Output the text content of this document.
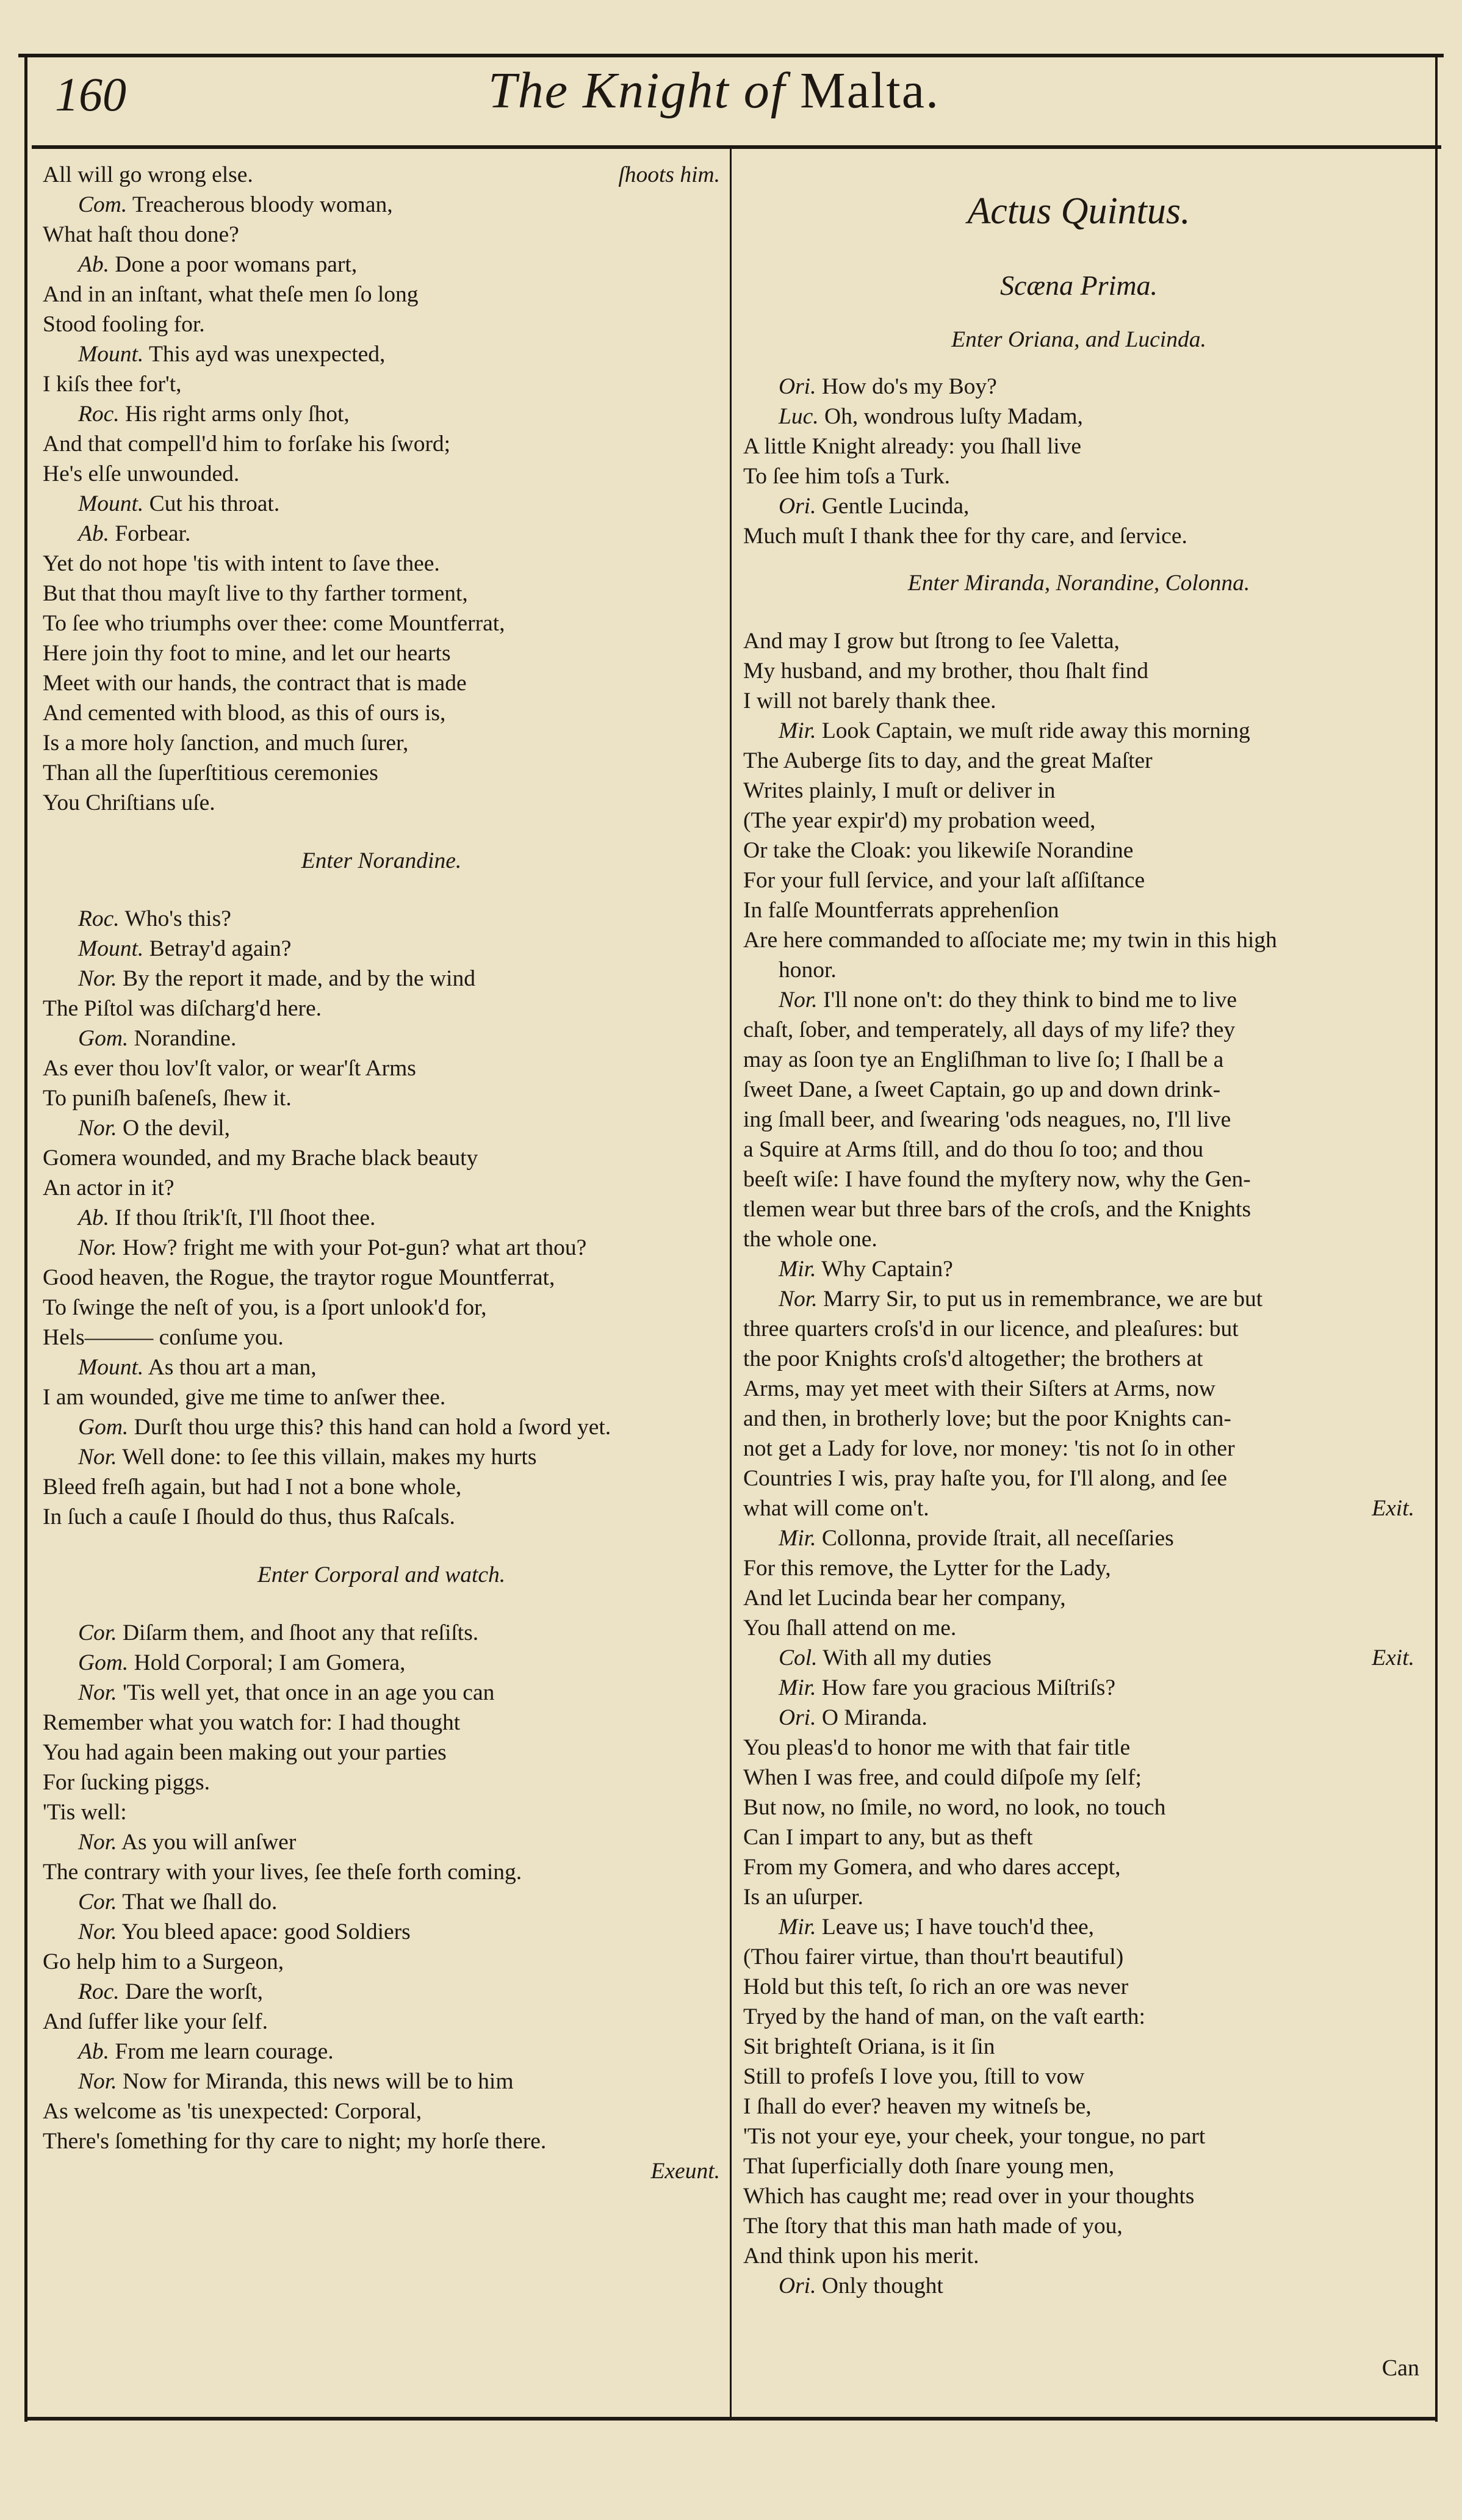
160	The Knight of Malta.
All will go wrong else.	ſhoots him.
Com. Treacherous bloody woman,
What haſt thou done?
Ab. Done a poor womans part,
And in an inſtant, what theſe men ſo long
Stood fooling for.
Mount. This ayd was unexpected,
I kiſs thee for't,
Roc. His right arms only ſhot,
And that compell'd him to forſake his ſword;
He's elſe unwounded.
Mount. Cut his throat.
Ab. Forbear.
Yet do not hope 'tis with intent to ſave thee.
But that thou mayſt live to thy farther torment,
To ſee who triumphs over thee: come Mountferrat,
Here join thy foot to mine, and let our hearts
Meet with our hands, the contract that is made
And cemented with blood, as this of ours is,
Is a more holy ſanction, and much ſurer,
Than all the ſuperſtitious ceremonies
You Chriſtians uſe.
Enter Norandine.
Roc. Who's this?
Mount. Betray'd again?
Nor. By the report it made, and by the wind
The Piſtol was diſcharg'd here.
Gom. Norandine.
As ever thou lov'ſt valor, or wear'ſt Arms
To puniſh baſeneſs, ſhew it.
Nor. O the devil,
Gomera wounded, and my Brache black beauty
An actor in it?
Ab. If thou ſtrik'ſt, I'll ſhoot thee.
Nor. How? fright me with your Pot-gun? what art thou?
Good heaven, the Rogue, the traytor rogue Mountferrat,
To ſwinge the neſt of you, is a ſport unlook'd for,
Hels——— conſume you.
Mount. As thou art a man,
I am wounded, give me time to anſwer thee.
Gom. Durſt thou urge this? this hand can hold a ſword yet.
Nor. Well done: to ſee this villain, makes my hurts
Bleed freſh again, but had I not a bone whole,
In ſuch a cauſe I ſhould do thus, thus Raſcals.
Enter Corporal and watch.
Cor. Diſarm them, and ſhoot any that reſiſts.
Gom. Hold Corporal; I am Gomera,
Nor. 'Tis well yet, that once in an age you can
Remember what you watch for: I had thought
You had again been making out your parties
For ſucking piggs.
'Tis well:
Nor. As you will anſwer
The contrary with your lives, ſee theſe forth coming.
Cor. That we ſhall do.
Nor. You bleed apace: good Soldiers
Go help him to a Surgeon,
Roc. Dare the worſt,
And ſuffer like your ſelf.
Ab. From me learn courage.
Nor. Now for Miranda, this news will be to him
As welcome as 'tis unexpected: Corporal,
There's ſomething for thy care to night; my horſe there.
Exeunt.
Actus Quintus.
Scæna Prima.
Enter Oriana, and Lucinda.
Ori. How do's my Boy?
Luc. Oh, wondrous luſty Madam,
A little Knight already: you ſhall live
To ſee him toſs a Turk.
Ori. Gentle Lucinda,
Much muſt I thank thee for thy care, and ſervice.
Enter Miranda, Norandine, Colonna.
And may I grow but ſtrong to ſee Valetta,
My husband, and my brother, thou ſhalt find
I will not barely thank thee.
Mir. Look Captain, we muſt ride away this morning
The Auberge ſits to day, and the great Maſter
Writes plainly, I muſt or deliver in
(The year expir'd) my probation weed,
Or take the Cloak: you likewiſe Norandine
For your full ſervice, and your laſt aſſiſtance
In falſe Mountferrats apprehenſion
Are here commanded to aſſociate me; my twin in this high
honor.
Nor. I'll none on't: do they think to bind me to live
chaſt, ſober, and temperately, all days of my life? they
may as ſoon tye an Engliſhman to live ſo; I ſhall be a
ſweet Dane, a ſweet Captain, go up and down drink-
ing ſmall beer, and ſwearing 'ods neagues, no, I'll live
a Squire at Arms ſtill, and do thou ſo too; and thou
beeſt wiſe: I have found the myſtery now, why the Gen-
tlemen wear but three bars of the croſs, and the Knights
the whole one.
Mir. Why Captain?
Nor. Marry Sir, to put us in remembrance, we are but
three quarters croſs'd in our licence, and pleaſures: but
the poor Knights croſs'd altogether; the brothers at
Arms, may yet meet with their Siſters at Arms, now
and then, in brotherly love; but the poor Knights can-
not get a Lady for love, nor money: 'tis not ſo in other
Countries I wis, pray haſte you, for I'll along, and ſee
what will come on't.	Exit.
Mir. Collonna, provide ſtrait, all neceſſaries
For this remove, the Lytter for the Lady,
And let Lucinda bear her company,
You ſhall attend on me.
Col. With all my duties	Exit.
Mir. How fare you gracious Miſtriſs?
Ori. O Miranda.
You pleas'd to honor me with that fair title
When I was free, and could diſpoſe my ſelf;
But now, no ſmile, no word, no look, no touch
Can I impart to any, but as theft
From my Gomera, and who dares accept,
Is an uſurper.
Mir. Leave us; I have touch'd thee,
(Thou fairer virtue, than thou'rt beautiful)
Hold but this teſt, ſo rich an ore was never
Tryed by the hand of man, on the vaſt earth:
Sit brighteſt Oriana, is it ſin
Still to profeſs I love you, ſtill to vow
I ſhall do ever? heaven my witneſs be,
'Tis not your eye, your cheek, your tongue, no part
That ſuperficially doth ſnare young men,
Which has caught me; read over in your thoughts
The ſtory that this man hath made of you,
And think upon his merit.
Ori. Only thought
Can
